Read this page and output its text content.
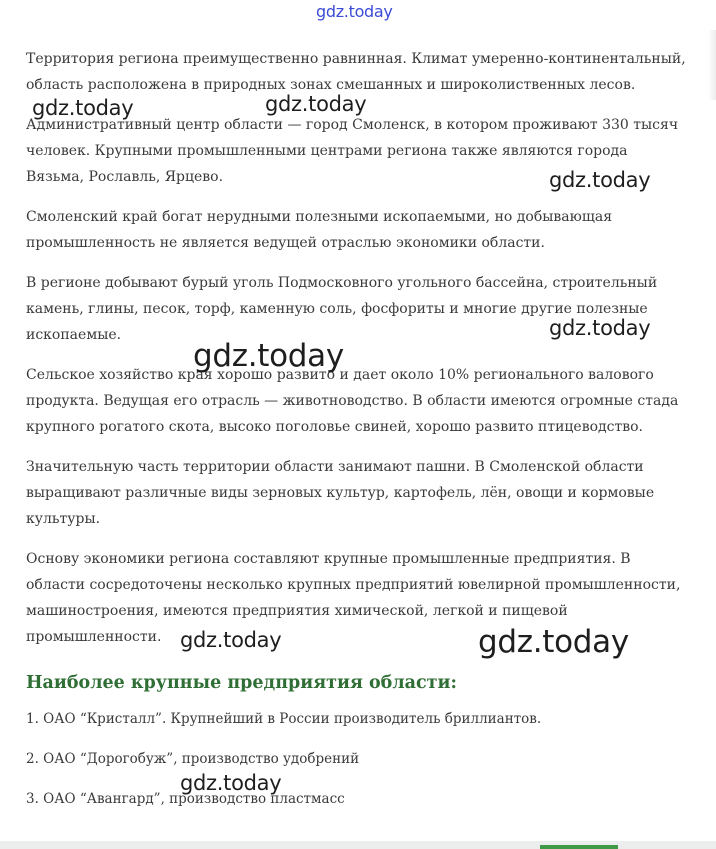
gdz.today

Территория региона преимущественно равнинная. Климат умеренно-континентальный, область расположена в природных зонах смешанных и широколиственных лесов.

Административный центр области — город Смоленск, в котором проживают 330 тысяч человек. Крупными промышленными центрами региона также являются города Вязьма, Рославль, Ярцево.

Смоленский край богат нерудными полезными ископаемыми, но добывающая промышленность не является ведущей отраслью экономики области.

В регионе добывают бурый уголь Подмосковного угольного бассейна, строительный камень, глины, песок, торф, каменную соль, фосфориты и многие другие полезные ископаемые.

Сельское хозяйство края хорошо развито и дает около 10% регионального валового продукта. Ведущая его отрасль — животноводство. В области имеются огромные стада крупного рогатого скота, высоко поголовье свиней, хорошо развито птицеводство.

Значительную часть территории области занимают пашни. В Смоленской области выращивают различные виды зерновых культур, картофель, лён, овощи и кормовые культуры.

Основу экономики региона составляют крупные промышленные предприятия. В области сосредоточены несколько крупных предприятий ювелирной промышленности, машиностроения, имеются предприятия химической, легкой и пищевой промышленности.

Наиболее крупные предприятия области:
1. ОАО “Кристалл”. Крупнейший в России производитель бриллиантов.
2. ОАО “Дорогобуж”, производство удобрений
3. ОАО “Авангард”, производство пластмасс
gdz.today	gdz.today
gdz.today
gdz.today
gdz.today
gdz.today	gdz.today
gdz.today
